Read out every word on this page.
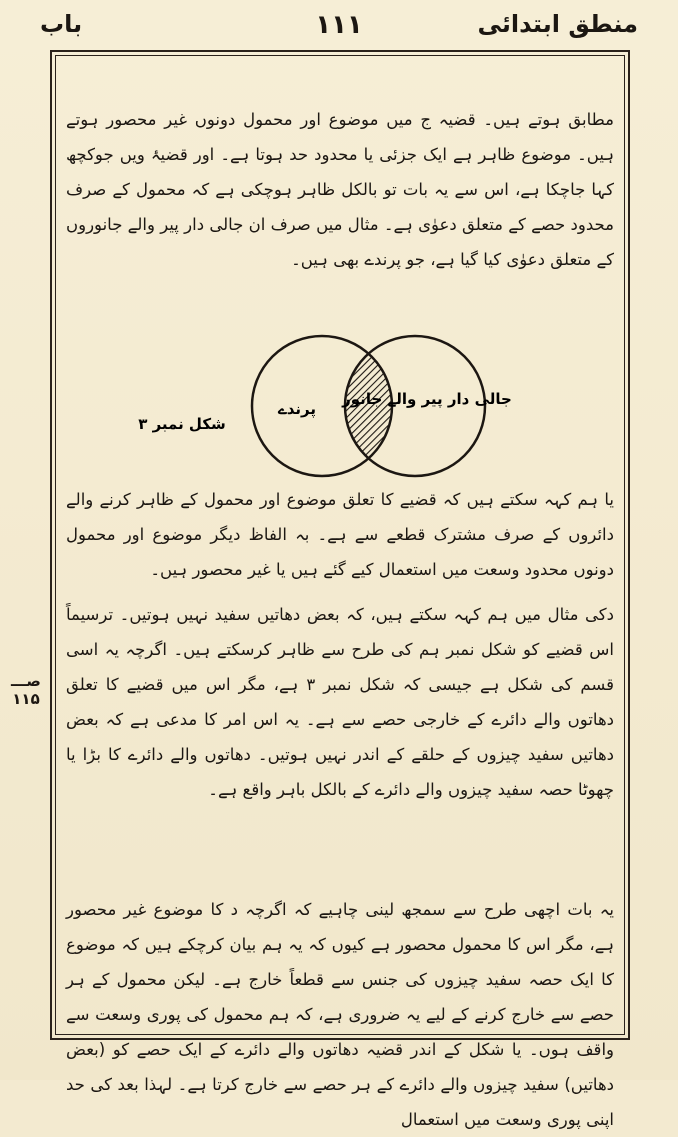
منطق ابتدائی
۱۱۱
باب
صـــ ۱۱۵

مطابق ہوتے ہیں۔ قضیہ ج میں موضوع اور محمول دونوں غیر محصور ہوتے ہیں۔ موضوع ظاہر ہے ایک جزئی یا محدود حد ہوتا ہے۔ اور قضیۂ ویں جوکچھ کہا جاچکا ہے، اس سے یہ بات تو بالکل ظاہر ہوچکی ہے کہ محمول کے صرف محدود حصے کے متعلق دعوٰی ہے۔ مثال میں صرف ان جالی دار پیر والے جانوروں کے متعلق دعوٰی کیا گیا ہے، جو پرندے بھی ہیں۔

پرندے
جالی دار پیر والے جانور
شکل نمبر ۳

یا ہم کہہ سکتے ہیں کہ قضیے کا تعلق موضوع اور محمول کے ظاہر کرنے والے دائروں کے صرف مشترک قطعے سے ہے۔ بہ الفاظ دیگر موضوع اور محمول دونوں محدود وسعت میں استعمال کیے گئے ہیں یا غیر محصور ہیں۔

دکی مثال میں ہم کہہ سکتے ہیں، کہ بعض دھاتیں سفید نہیں ہوتیں۔ ترسیماً اس قضیے کو شکل نمبر ہم کی طرح سے ظاہر کرسکتے ہیں۔ اگرچہ یہ اسی قسم کی شکل ہے جیسی کہ شکل نمبر ۳ ہے، مگر اس میں قضیے کا تعلق دھاتوں والے دائرے کے خارجی حصے سے ہے۔ یہ اس امر کا مدعی ہے کہ بعض دھاتیں سفید چیزوں کے حلقے کے اندر نہیں ہوتیں۔ دھاتوں والے دائرے کا بڑا یا چھوٹا حصہ سفید چیزوں والے دائرے کے بالکل باہر واقع ہے۔

یہ بات اچھی طرح سے سمجھ لینی چاہیے کہ اگرچہ د کا موضوع غیر محصور ہے، مگر اس کا محمول محصور ہے کیوں کہ یہ ہم بیان کرچکے ہیں کہ موضوع کا ایک حصہ سفید چیزوں کی جنس سے قطعاً خارج ہے۔ لیکن محمول کے ہر حصے سے خارج کرنے کے لیے یہ ضروری ہے، کہ ہم محمول کی پوری وسعت سے واقف ہوں۔ یا شکل کے اندر قضیہ دھاتوں والے دائرے کے ایک حصے کو (بعض دھاتیں) سفید چیزوں والے دائرے کے ہر حصے سے خارج کرتا ہے۔ لہذا بعد کی حد اپنی پوری وسعت میں استعمال
